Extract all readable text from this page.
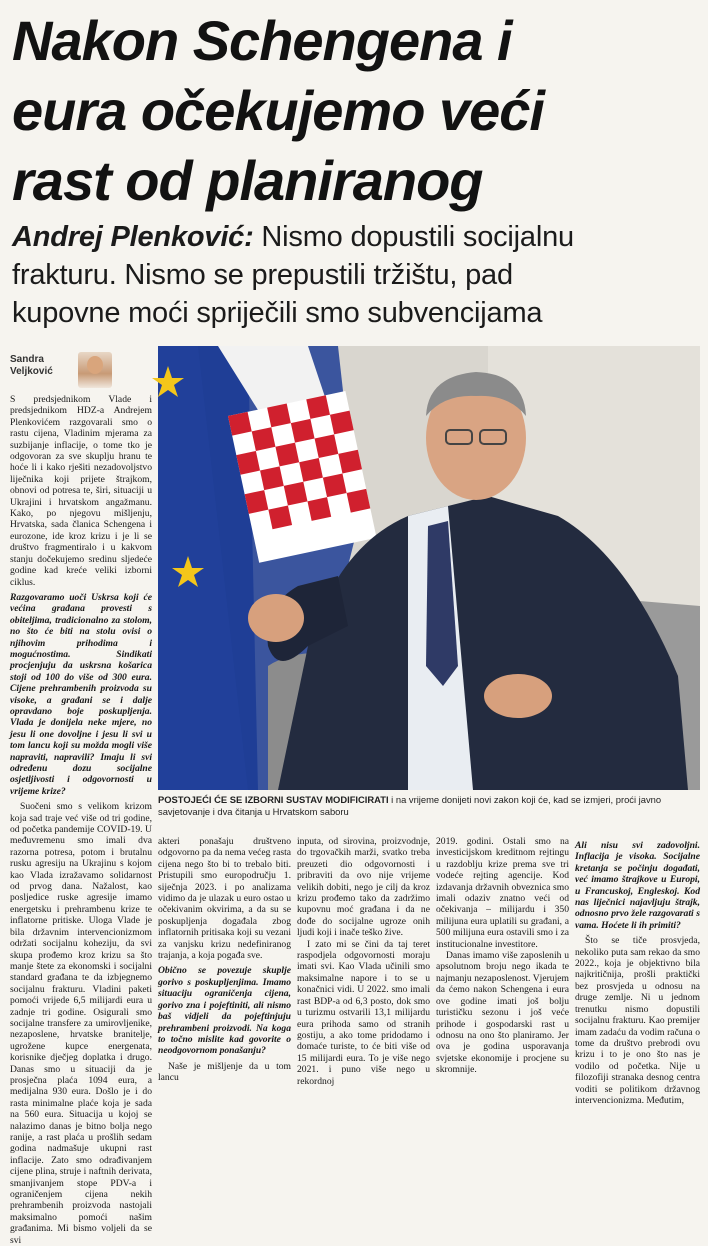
Nakon Schengena i
eura očekujemo veći
rast od planiranog
Andrej Plenković: Nismo dopustili socijalnu
frakturu. Nismo se prepustili tržištu, pad
kupovne moći spriječili smo subvencijama
Sandra
Veljković

S predsjednikom Vlade i predsjednikom HDZ-a Andrejem Plenkovićem razgovarali smo o rastu cijena, Vladinim mjerama za suzbijanje inflacije, o tome tko je odgovoran za sve skuplju hranu te hoće li i kako rješiti nezadovoljstvo liječnika koji prijete štrajkom, obnovi od potresa te, širi, situaciji u Ukrajini i hrvatskom angažmanu. Kako, po njegovu mišljenju, Hrvatska, sada članica Schengena i eurozone, ide kroz krizu i je li se društvo fragmentiralo i u kakvom stanju dočekujemo sredinu sljedeće godine kad kreće veliki izborni ciklus.

Razgovaramo uoči Uskrsa koji će većina građana provesti s obitelјima, tradicionalno za stolom, no što će biti na stolu ovisi o njihovim prihodima i mogućnostima. Sindikati procjenjuju da uskrsna košarica stoji od 100 do više od 300 eura. Cijene prehrambenih proizvoda su visoke, a građani se i dalje opravdano boje poskupljenja. Vlada je donijela neke mjere, no jesu li one dovoljne i jesu li svi u tom lancu koji su možda mogli više napraviti, napravili? Imaju li svi određenu dozu socijalne osjetljivosti i odgovornosti u vrijeme krize?

Suočeni smo s velikom krizom koja sad traje već više od tri godine, od početka pandemije COVID-19. U međuvremenu smo imali dva razorna potresa, potom i brutalnu rusku agresiju na Ukrajinu s kojom kao Vlada izražavamo solidarnost od prvog dana. Nažalost, kao posljedice ruske agresije imamo energetsku i prehrambenu krize te inflatorne pritiske. Uloga Vlade je bila državnim intervencionizmom održati socijalnu koheziju, da svi skupa prođemo kroz krizu sa što manje štete za ekonomski i socijalni standard građana te da izbjegnemo socijalnu frakturu. Vladini paketi pomoći vrijede 6,5 milijardi eura u zadnje tri godine. Osigurali smo socijalne transfere za umirovljenike, nezaposlene, hrvatske branitelje, ugrožene kupce energenata, korisnike dječjeg doplatka i drugo. Danas smo u situaciji da je prosječna plaća 1094 eura, a medijalna 930 eura. Došlo je i do rasta minimalne plaće koja je sada na 560 eura. Situacija u kojoj se nalazimo danas je bitno bolja nego ranije, a rast plaća u prošlih sedam godina nadmašuje ukupni rast inflacije. Zato smo odrađivanjem cijene plina, struje i naftnih derivata, smanjivanjem stope PDV-a i ograničenjem cijena nekih prehrambenih proizvoda nastojali maksimalno pomoći našim građanima. Mi bismo voljeli da se svi

POSTOJEĆI ĆE SE IZBORNI SUSTAV MODIFICIRATI i na vrijeme donijeti novi zakon koji će, kad se izmjeri, proći javno savjetovanje i dva čitanja u Hrvatskom saboru

akteri ponašaju društveno odgovorno pa da nema većeg rasta cijena nego što bi to trebalo biti. Pristupili smo europodručju 1. siječnja 2023. i po analizama vidimo da je ulazak u euro ostao u očekivanim okvirima, a da su se poskupljenja događala zbog inflatornih pritisaka koji su vezani za vanjsku krizu nedefiniranog trajanja, a koja pogađa sve.

Obično se povezuje skuplje gorivo s poskupljenjima. Imamo situaciju ograničenja cijena, gorivo zna i pojeftiniti, ali nismo baš vidjeli da pojeftinjuju prehrambeni proizvodi. Na koga to točno mislite kad govorite o neodgovornom ponašanju?

Naše je mišljenje da u tom lancu

inputa, od sirovina, proizvodnje, do trgovačkih marži, svatko treba preuzeti dio odgovornosti i pribraviti da ovo nije vrijeme velikih dobiti, nego je cilj da kroz krizu prođemo tako da zadržimo kupovnu moć građana i da ne dođe do socijalne ugroze onih ljudi koji i inače teško žive.

I zato mi se čini da taj teret raspodjela odgovornosti moraju imati svi. Kao Vlada učinili smo maksimalne napore i to se u konačnici vidi. U 2022. smo imali rast BDP-a od 6,3 posto, dok smo u turizmu ostvarili 13,1 milijardu eura prihoda samo od stranih gostiju, a ako tome pridodamo i domaće turiste, to će biti više od 15 milijardi eura. To je više nego 2021. i puno više nego u rekordnoj

2019. godini. Ostali smo na investicijskom kreditnom rejtingu u razdoblju krize prema sve tri vodeće rejting agencije. Kod izdavanja državnih obveznica smo imali odaziv znatno veći od očekivanja – milijardu i 350 milijuna eura uplatili su građani, a 500 milijuna eura ostavili smo i za institucionalne investitore.

Danas imamo više zaposlenih u apsolutnom broju nego ikada te najmanju nezaposlenost. Vjerujem da ćemo nakon Schengena i eura ove godine imati još bolju turističku sezonu i još veće prihode i gospodarski rast u odnosu na ono što planiramo. Jer ova je godina usporavanja svjetske ekonomije i procjene su skromnije.

Ali nisu svi zadovoljni. Inflacija je visoka. Socijalne kretanja se počinju događati, već imamo štrajkove u Europi, u Francuskoj, Engleskoj. Kod nas liječnici najavljuju štrajk, odnosno prvo žele razgovarati s vama. Hoćete li ih primiti?

Što se tiče prosvjeda, nekoliko puta sam rekao da smo 2022., koja je objektivno bila najkritičnija, prošli praktički bez prosvjeda u odnosu na druge zemlje. Ni u jednom trenutku nismo dopustili socijalnu frakturu. Kao premijer imam zadaću da vodim računa o tome da društvo prebrodi ovu krizu i to je ono što nas je vodilo od početka. Nije u filozofiji stranaka desnog centra voditi se politikom državnog intervencionizma. Međutim,
